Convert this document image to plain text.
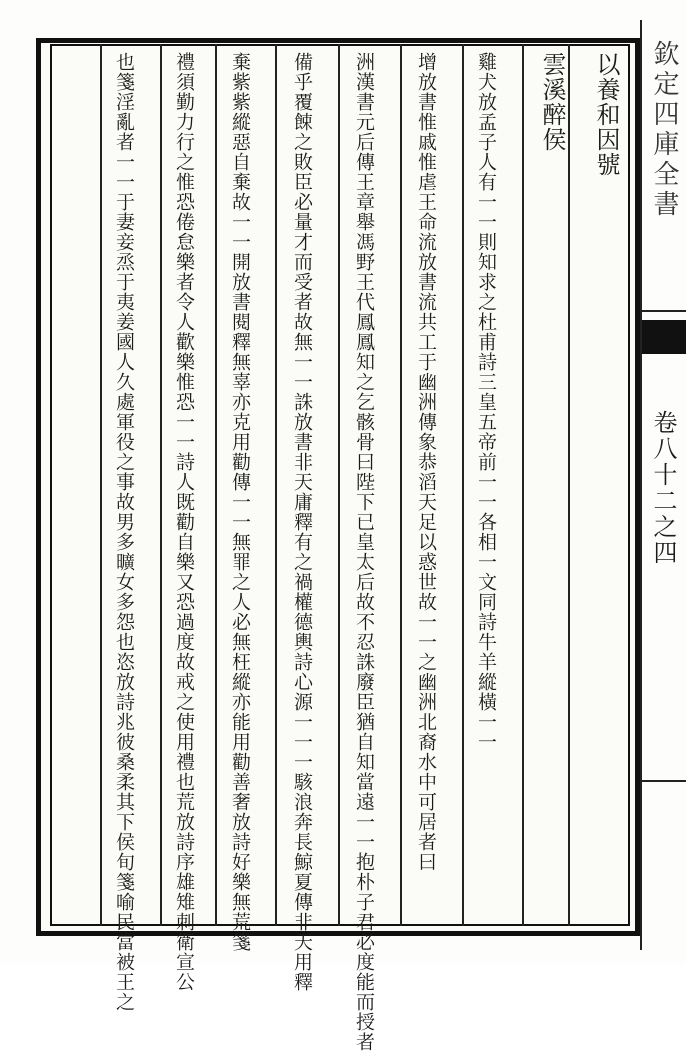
以養和因號
雲溪醉侯
雞犬放孟子人有一一則知求之杜甫詩三皇五帝前一一各相一文同詩牛羊縱橫一一
增放書惟戚惟虐王命流放書流共工于幽洲傳象恭滔天足以惑世故一一之幽洲北裔水中可居者曰
洲漢書元后傳王章舉馮野王代鳳鳳知之乞骸骨曰陛下已皇太后故不忍誅廢臣猶自知當遠一一抱朴子君必度能而授者
備乎覆餗之敗臣必量才而受者故無一一誅放書非天庸釋有之禍權德輿詩心源一一一駭浪奔長鯨夏傳非天用釋
棄紫紫縱惡自棄故一一開放書閱釋無辜亦克用勸傳一一無罪之人必無枉縱亦能用勸善奢放詩好樂無荒箋
禮須勤力行之惟恐倦怠樂者令人歡樂惟恐一一詩人既勸自樂又恐過度故戒之使用禮也荒放詩序雄雉刺衛宣公
也箋淫亂者一一于妻妾烝于夷姜國人久處軍役之事故男多曠女多怨也恣放詩兆彼桑柔其下侯旬箋喻民當被王之	欽定四庫全書
卷八十二之四
